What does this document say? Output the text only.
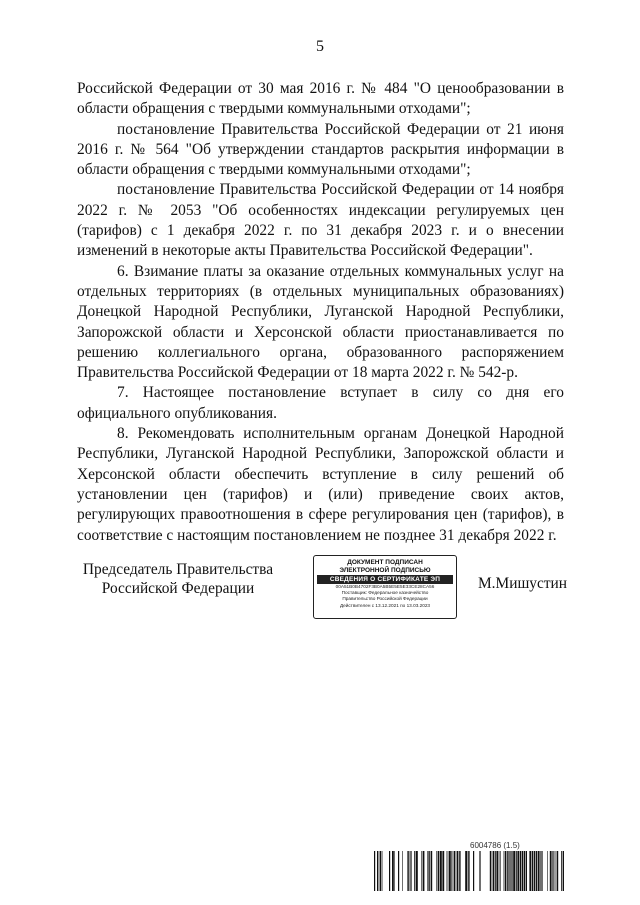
5

Российской Федерации от 30 мая 2016 г. № 484 "О ценообразовании в области обращения с твердыми коммунальными отходами";

постановление Правительства Российской Федерации от 21 июня 2016 г. № 564 "Об утверждении стандартов раскрытия информации в области обращения с твердыми коммунальными отходами";

постановление Правительства Российской Федерации от 14 ноября 2022 г. № 2053 "Об особенностях индексации регулируемых цен (тарифов) с 1 декабря 2022 г. по 31 декабря 2023 г. и о внесении изменений в некоторые акты Правительства Российской Федерации".

6. Взимание платы за оказание отдельных коммунальных услуг на отдельных территориях (в отдельных муниципальных образованиях) Донецкой Народной Республики, Луганской Народной Республики, Запорожской области и Херсонской области приостанавливается по решению коллегиального органа, образованного распоряжением Правительства Российской Федерации от 18 марта 2022 г. № 542-р.

7. Настоящее постановление вступает в силу со дня его официального опубликования.

8. Рекомендовать исполнительным органам Донецкой Народной Республики, Луганской Народной Республики, Запорожской области и Херсонской области обеспечить вступление в силу решений об установлении цен (тарифов) и (или) приведение своих актов, регулирующих правоотношения в сфере регулирования цен (тарифов), в соответствие с настоящим постановлением не позднее 31 декабря 2022 г.

Председатель Правительства
Российской Федерации
ДОКУМЕНТ ПОДПИСАН
ЭЛЕКТРОННОЙ ПОДПИСЬЮ
СВЕДЕНИЯ О СЕРТИФИКАТЕ ЭП
00A51B0B4702F3B0A5B5E5E5E33CE28CA56
Поставщик: Федеральное казначейство
Правительство Российской Федерации
Действителен с 13.12.2021 по 13.03.2023
М.Мишустин
6004786 (1.5)
